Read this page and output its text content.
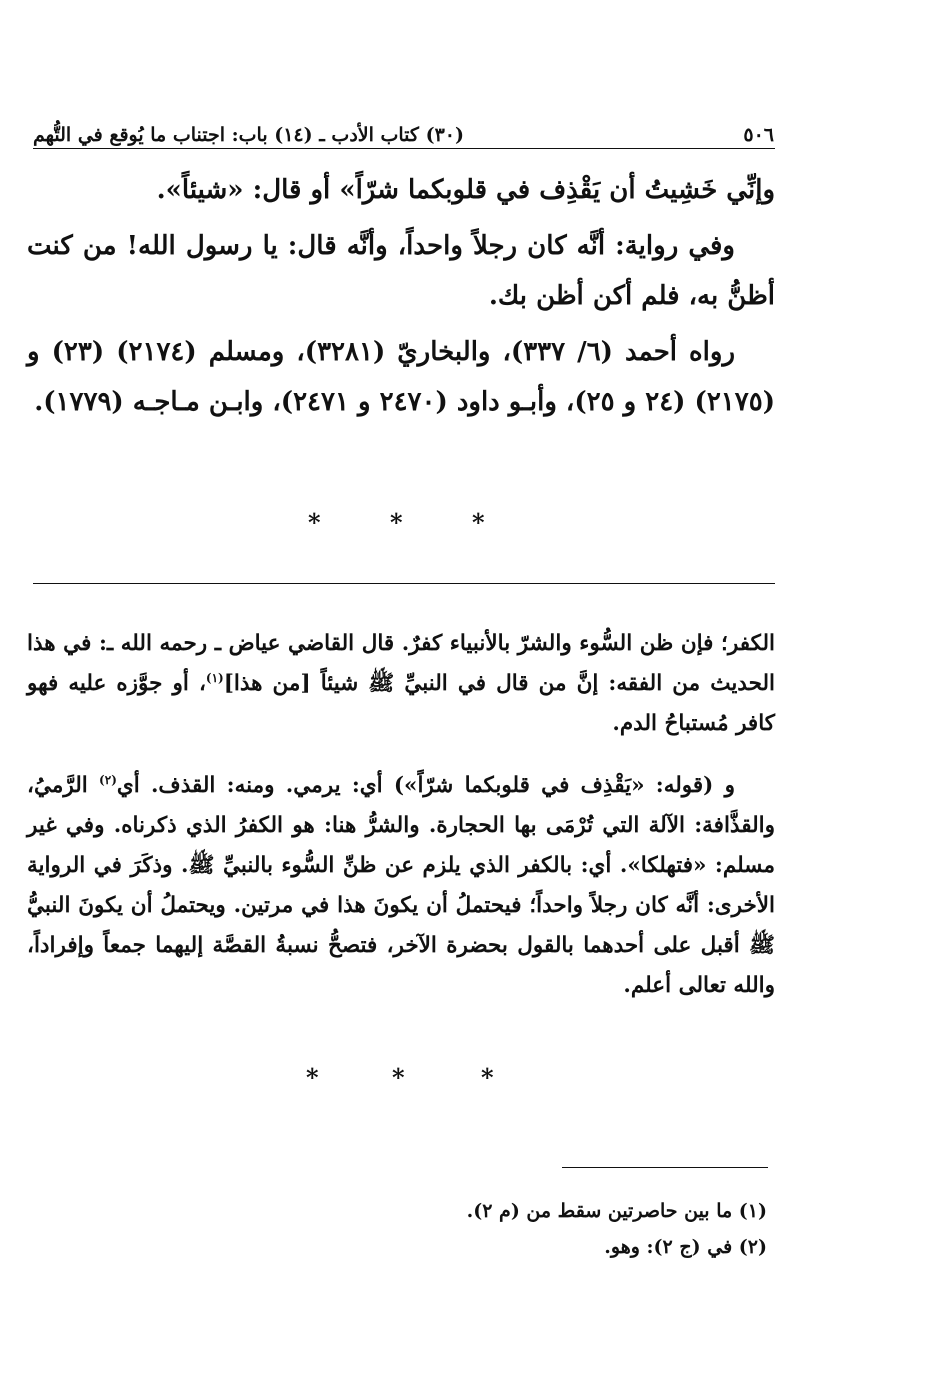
٥٠٦
(٣٠) كتاب الأدب ـ (١٤) باب: اجتناب ما يُوقع في التُّهم

وإنِّي خَشِيتُ أن يَقْذِف في قلوبكما شرّاً» أو قال: «شيئاً».

وفي رواية: أنَّه كان رجلاً واحداً، وأنَّه قال: يا رسول الله! من كنت أظنُّ به، فلم أكن أظن بك.

رواه أحمد (٦/ ٣٣٧)، والبخاريّ (٣٢٨١)، ومسلم (٢١٧٤) (٢٣) و (٢١٧٥) (٢٤ و ٢٥)، وأبـو داود (٢٤٧٠ و ٢٤٧١)، وابـن مـاجـه (١٧٧٩).

*	*	*

الكفر؛ فإن ظن السُّوء والشرّ بالأنبياء كفرٌ. قال القاضي عياض ـ رحمه الله ـ: في هذا الحديث من الفقه: إنَّ من قال في النبيِّ ﷺ شيئاً [من هذا]$^{(١)}$، أو جوَّزه عليه فهو كافر مُستباحُ الدم.

و (قوله: «يَقْذِف في قلوبكما شرّاً») أي: يرمي. ومنه: القذف. أي$^{(٢)}$ الرَّميُ، والقذَّافة: الآلة التي تُرْمَى بها الحجارة. والشرُّ هنا: هو الكفرُ الذي ذكرناه. وفي غير مسلم: «فتهلكا». أي: بالكفر الذي يلزم عن ظنِّ السُّوء بالنبيِّ ﷺ. وذكَرَ في الرواية الأخرى: أنَّه كان رجلاً واحداً؛ فيحتملُ أن يكونَ هذا في مرتين. ويحتملُ أن يكونَ النبيُّ ﷺ أقبل على أحدهما بالقول بحضرة الآخر، فتصحُّ نسبةُ القصَّة إليهما جمعاً وإفراداً، والله تعالى أعلم.

*	*	*
(١) ما بين حاصرتين سقط من (م ٢).
(٢) في (ج ٢): وهو.
